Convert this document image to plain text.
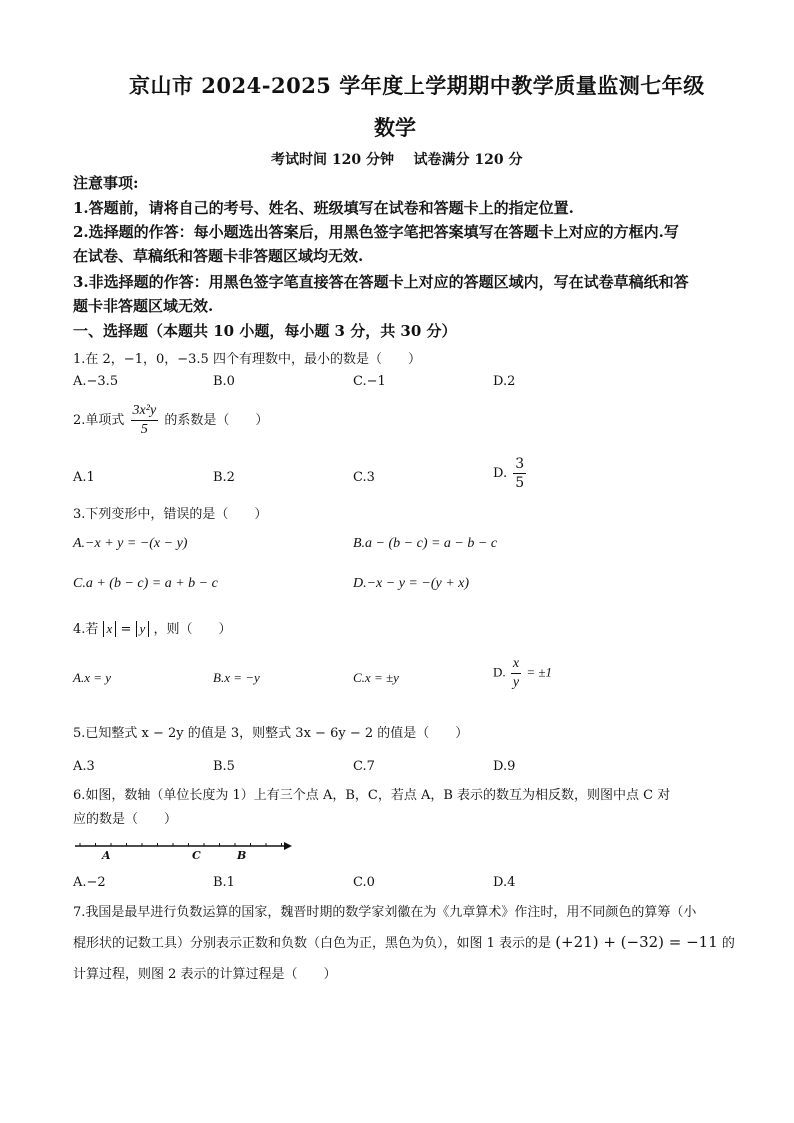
京山市 2024-2025 学年度上学期期中教学质量监测七年级
数学
考试时间 120 分钟    试卷满分 120 分
注意事项:
1.答题前，请将自己的考号、姓名、班级填写在试卷和答题卡上的指定位置.
2.选择题的作答：每小题选出答案后，用黑色签字笔把答案填写在答题卡上对应的方框内.写
在试卷、草稿纸和答题卡非答题区域均无效.
3.非选择题的作答：用黑色签字笔直接答在答题卡上对应的答题区域内，写在试卷草稿纸和答
题卡非答题区域无效.
一、选择题（本题共 10 小题，每小题 3 分，共 30 分）
1.在 2，−1，0，−3.5 四个有理数中，最小的数是（　　）
A.−3.5	B.0	C.−1	D.2
2.单项式 $\frac{\text{3x²y}}{5}$ 的系数是（　　）
A.1	B.2	C.3	D. $\frac{3}{5}$
3.下列变形中，错误的是（　　）
A.−x + y = −(x − y)	B.a − (b − c) = a − b − c
C.a + (b − c) = a + b − c	D.−x − y = −(y + x)
4.若 x = y ，则（　　）
A.x = y	B.x = −y	C.x = ±y	D. $\frac{x}{y} = \pm 1$
5.已知整式 x − 2y 的值是 3，则整式 3x − 6y − 2 的值是（　　）
A.3	B.5	C.7	D.9
6.如图，数轴（单位长度为 1）上有三个点 A，B，C，若点 A，B 表示的数互为相反数，则图中点 C 对
应的数是（　　）
A	C	B
A.−2	B.1	C.0	D.4
7.我国是最早进行负数运算的国家，魏晋时期的数学家刘徽在为《九章算术》作注时，用不同颜色的算筹（小
棍形状的记数工具）分别表示正数和负数（白色为正，黑色为负），如图 1 表示的是 (+21) + (−32) = −11 的
计算过程，则图 2 表示的计算过程是（　　）
